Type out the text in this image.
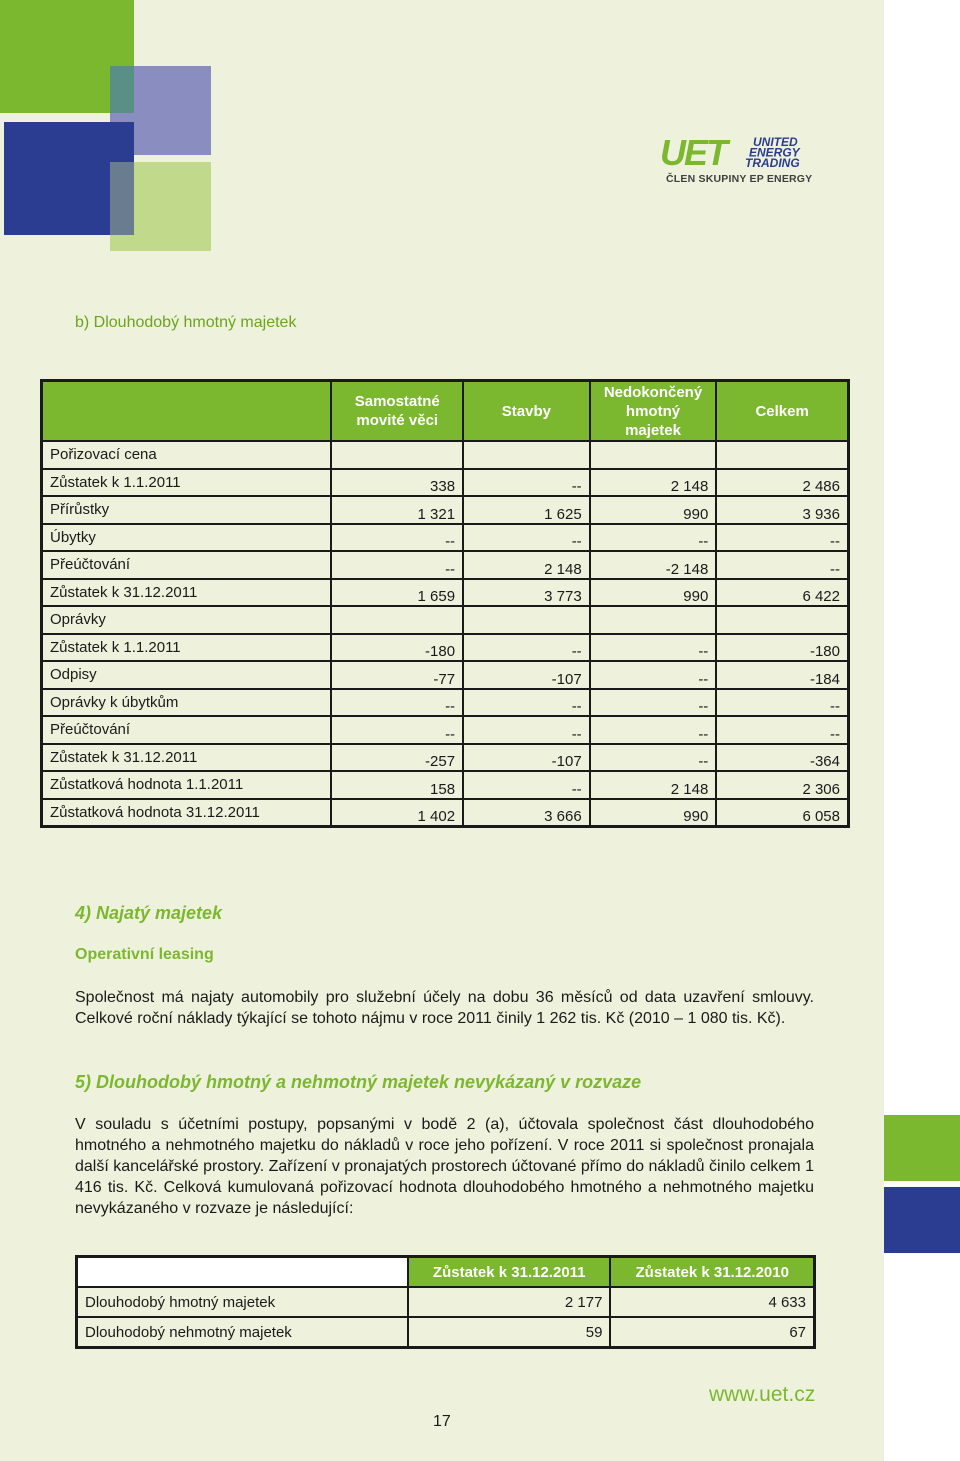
UET	UNITED
ENERGY
TRADING
ČLEN SKUPINY EP ENERGY
b) Dlouhodobý hmotný majetek
	Samostatné movité věci	Stavby	Nedokončený hmotný majetek	Celkem
Pořizovací cena				
Zůstatek k 1.1.2011	338	--	2 148	2 486
Přírůstky	1 321	1 625	990	3 936
Úbytky	--	--	--	--
Přeúčtování	--	2 148	-2 148	--
Zůstatek k 31.12.2011	1 659	3 773	990	6 422
Oprávky				
Zůstatek k 1.1.2011	-180	--	--	-180
Odpisy	-77	-107	--	-184
Oprávky k úbytkům	--	--	--	--
Přeúčtování	--	--	--	--
Zůstatek k 31.12.2011	-257	-107	--	-364
Zůstatková hodnota 1.1.2011	158	--	2 148	2 306
Zůstatková hodnota 31.12.2011	1 402	3 666	990	6 058
4) Najatý majetek
Operativní leasing
Společnost má najaty automobily pro služební účely na dobu 36 měsíců od data uzavření smlouvy. Celkové roční náklady týkající se tohoto nájmu v roce 2011 činily 1 262 tis. Kč (2010 – 1 080 tis. Kč).
5) Dlouhodobý hmotný a nehmotný majetek nevykázaný v rozvaze
V souladu s účetními postupy, popsanými v bodě 2 (a), účtovala společnost část dlouhodobého hmotného a nehmotného majetku do nákladů v roce jeho pořízení. V roce 2011 si společnost pronajala další kancelářské prostory. Zařízení v pronajatých prostorech účtované přímo do nákladů činilo celkem 1 416 tis. Kč. Celková kumulovaná pořizovací hodnota dlouhodobého hmotného a nehmotného majetku nevykázaného v rozvaze je následující:
	Zůstatek k 31.12.2011	Zůstatek k 31.12.2010
Dlouhodobý hmotný majetek	2 177	4 633
Dlouhodobý nehmotný majetek	59	67
www.uet.cz
17
